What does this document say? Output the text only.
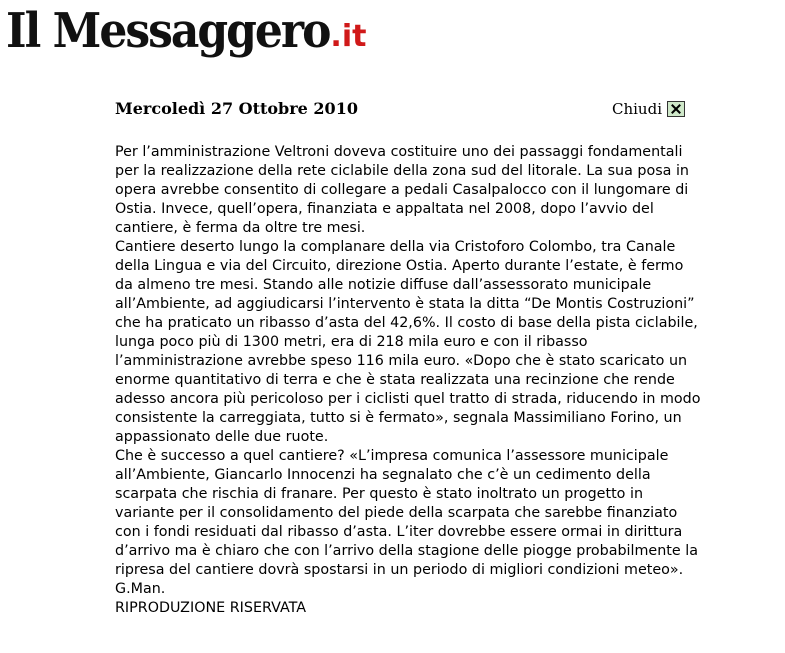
Il Messaggero.it
Mercoledì 27 Ottobre 2010	Chiudi

Per l’amministrazione Veltroni doveva costituire uno dei passaggi fondamentali per la realizzazione della rete ciclabile della zona sud del litorale. La sua posa in opera avrebbe consentito di collegare a pedali Casalpalocco con il lungomare di Ostia. Invece, quell’opera, finanziata e appaltata nel 2008, dopo l’avvio del cantiere, è ferma da oltre tre mesi.

Cantiere deserto lungo la complanare della via Cristoforo Colombo, tra Canale della Lingua e via del Circuito, direzione Ostia. Aperto durante l’estate, è fermo da almeno tre mesi. Stando alle notizie diffuse dall’assessorato municipale all’Ambiente, ad aggiudicarsi l’intervento è stata la ditta “De Montis Costruzioni” che ha praticato un ribasso d’asta del 42,6%. Il costo di base della pista ciclabile, lunga poco più di 1300 metri, era di 218 mila euro e con il ribasso l’amministrazione avrebbe speso 116 mila euro. «Dopo che è stato scaricato un enorme quantitativo di terra e che è stata realizzata una recinzione che rende adesso ancora più pericoloso per i ciclisti quel tratto di strada, riducendo in modo consistente la carreggiata, tutto si è fermato», segnala Massimiliano Forino, un appassionato delle due ruote.

Che è successo a quel cantiere? «L’impresa comunica l’assessore municipale all’Ambiente, Giancarlo Innocenzi ha segnalato che c’è un cedimento della scarpata che rischia di franare. Per questo è stato inoltrato un progetto in variante per il consolidamento del piede della scarpata che sarebbe finanziato con i fondi residuati dal ribasso d’asta. L’iter dovrebbe essere ormai in dirittura d’arrivo ma è chiaro che con l’arrivo della stagione delle piogge probabilmente la ripresa del cantiere dovrà spostarsi in un periodo di migliori condizioni meteo».

G.Man.

RIPRODUZIONE RISERVATA
